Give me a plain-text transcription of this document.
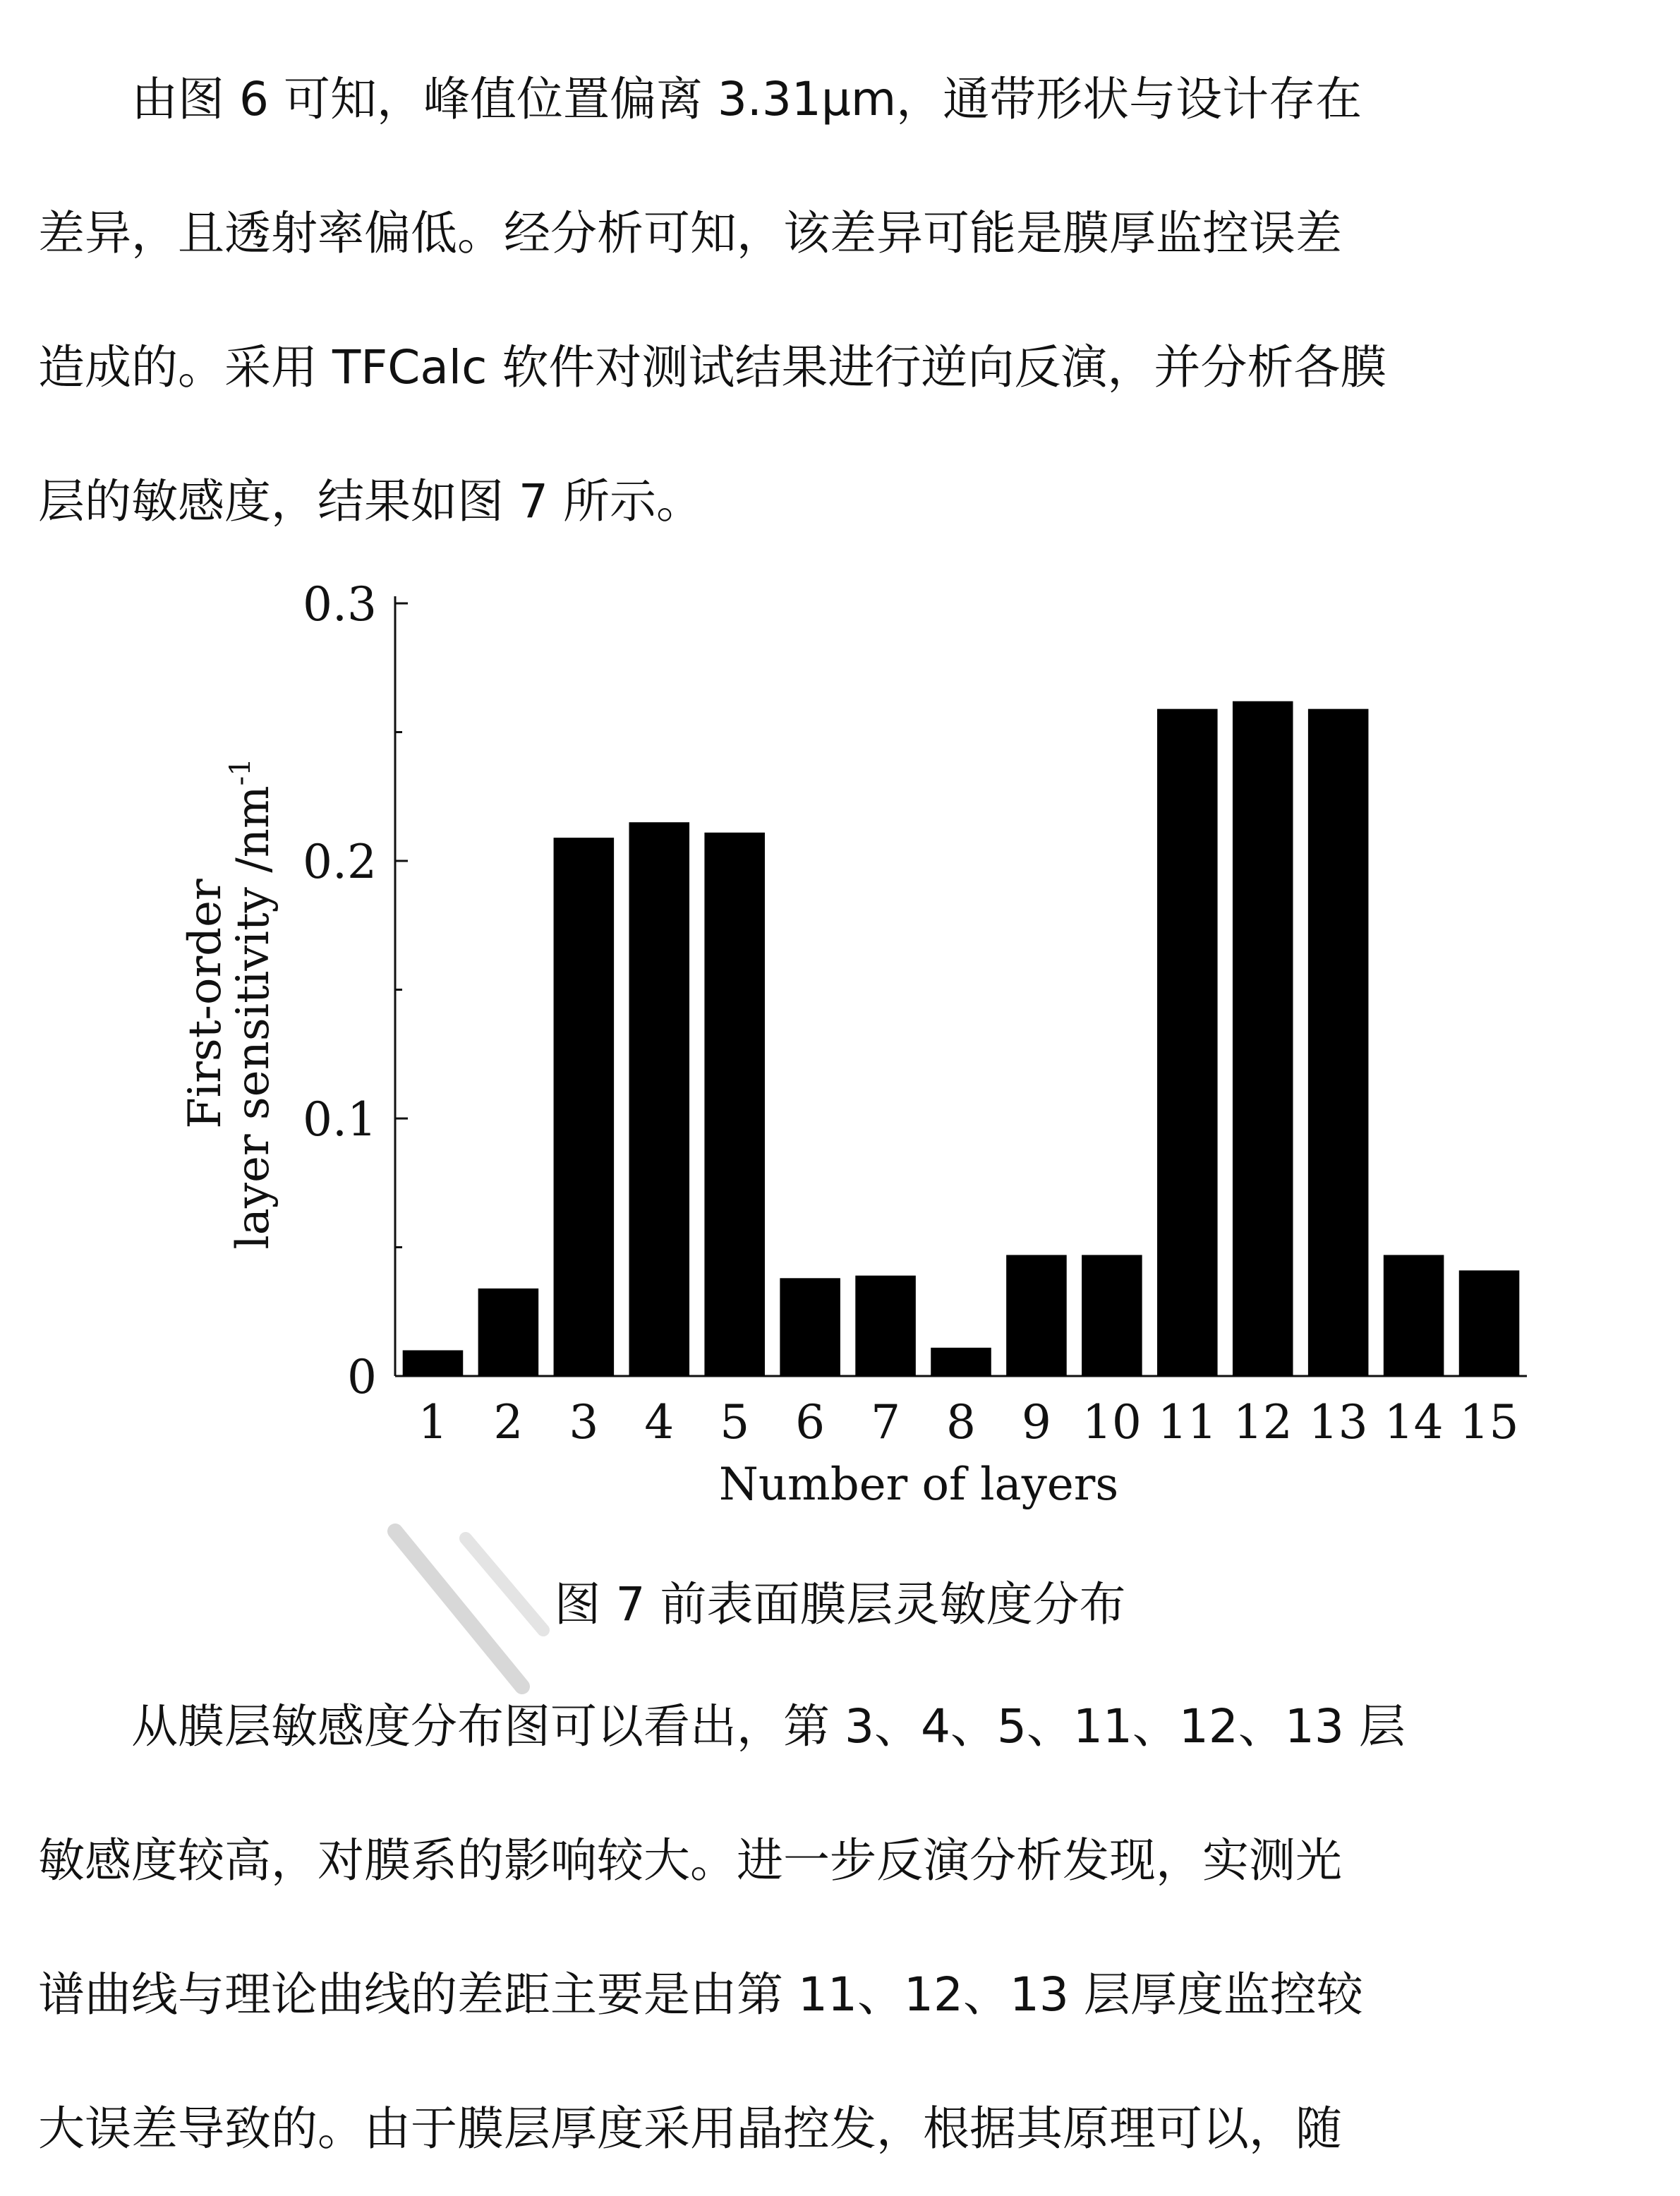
由图 6 可知，峰值位置偏离 3.31μm，通带形状与设计存在

差异，且透射率偏低。经分析可知，该差异可能是膜厚监控误差

造成的。采用 TFCalc 软件对测试结果进行逆向反演，并分析各膜

层的敏感度，结果如图 7 所示。

0
0.1
0.2
0.3
1 2 3 4 5 6 7 8 9 10 11 12 13 14 15
Number of layers
First-order
layer sensitivity $/nm^{-1}$
图 7 前表面膜层灵敏度分布

从膜层敏感度分布图可以看出，第 3、4、5、11、12、13 层

敏感度较高，对膜系的影响较大。进一步反演分析发现，实测光

谱曲线与理论曲线的差距主要是由第 11、12、13 层厚度监控较

大误差导致的。由于膜层厚度采用晶控发，根据其原理可以，随
